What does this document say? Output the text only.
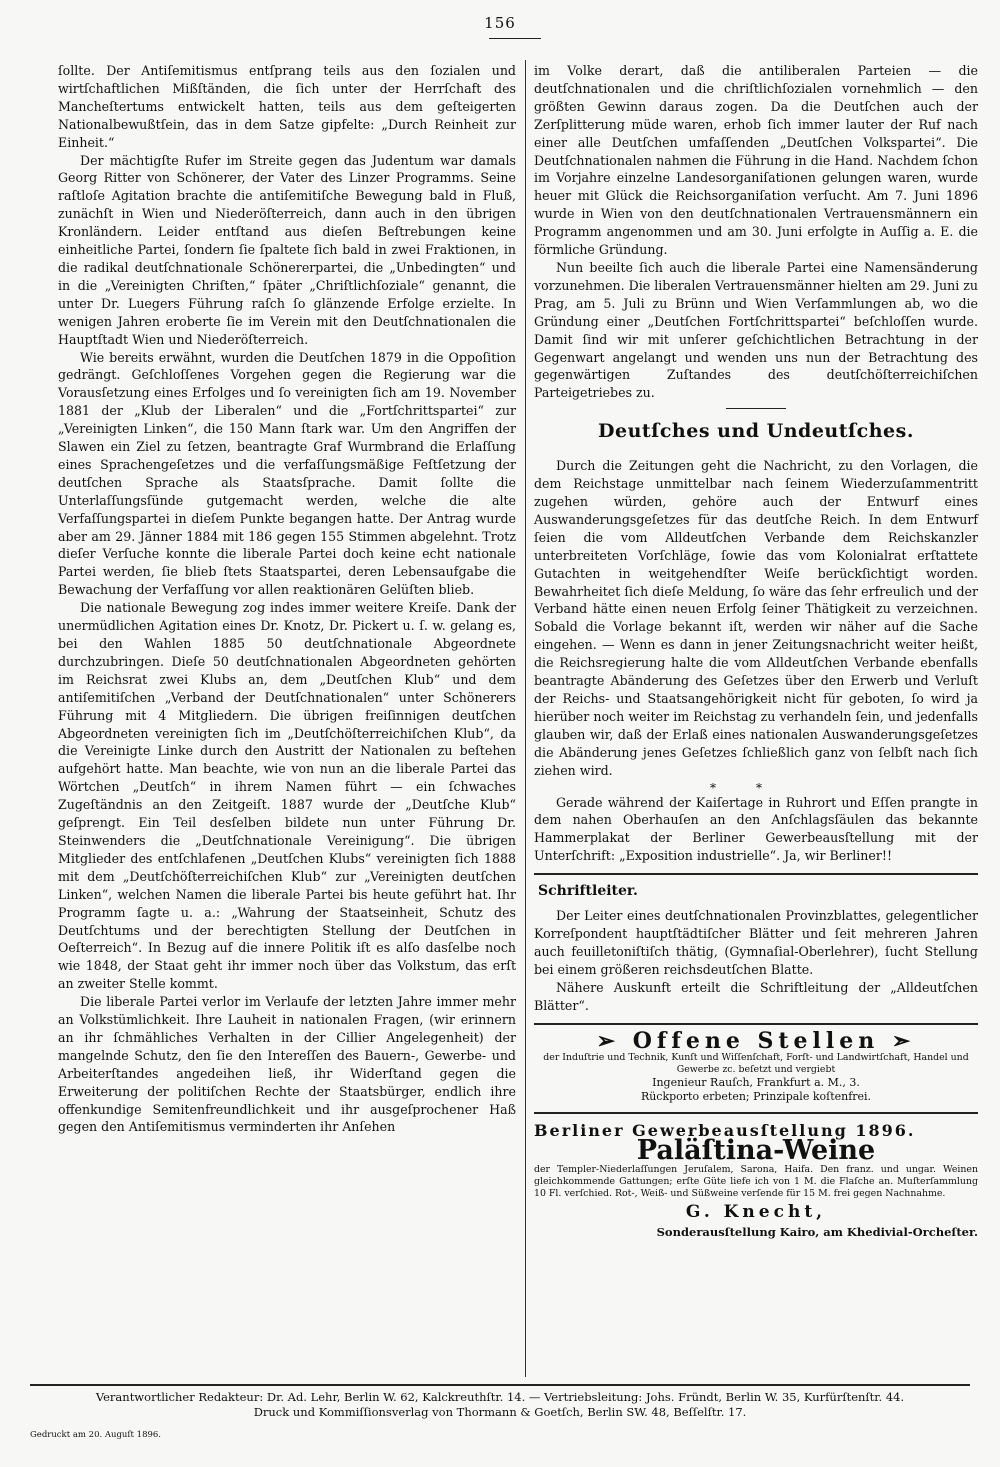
156

ſollte. Der Antiſemitismus entſprang teils aus den ſozialen und wirtſchaftlichen Mißſtänden, die ſich unter der Herrſchaft des Mancheſtertums entwickelt hatten, teils aus dem geſteigerten Nationalbewußtſein, das in dem Satze gipfelte: „Durch Reinheit zur Einheit.“

Der mächtigſte Rufer im Streite gegen das Judentum war damals Georg Ritter von Schönerer, der Vater des Linzer Programms. Seine raſtloſe Agitation brachte die antiſemitiſche Bewegung bald in Fluß, zunächſt in Wien und Niederöſterreich, dann auch in den übrigen Kronländern. Leider entſtand aus dieſen Beſtrebungen keine einheitliche Partei, ſondern ſie ſpaltete ſich bald in zwei Fraktionen, in die radikal deutſchnationale Schönererpartei, die „Unbedingten“ und in die „Vereinigten Chriſten,“ ſpäter „Chriſtlichſoziale“ genannt, die unter Dr. Luegers Führung raſch ſo glänzende Erfolge erzielte. In wenigen Jahren eroberte ſie im Verein mit den Deutſchnationalen die Hauptſtadt Wien und Niederöſterreich.

Wie bereits erwähnt, wurden die Deutſchen 1879 in die Oppoſition gedrängt. Geſchloſſenes Vorgehen gegen die Regierung war die Vorausſetzung eines Erfolges und ſo vereinigten ſich am 19. November 1881 der „Klub der Liberalen“ und die „Fortſchrittspartei“ zur „Vereinigten Linken“, die 150 Mann ſtark war. Um den Angriffen der Slawen ein Ziel zu ſetzen, beantragte Graf Wurmbrand die Erlaſſung eines Sprachengeſetzes und die verfaſſungsmäßige Feſtſetzung der deutſchen Sprache als Staatsſprache. Damit ſollte die Unterlaſſungsſünde gutgemacht werden, welche die alte Verfaſſungspartei in dieſem Punkte begangen hatte. Der Antrag wurde aber am 29. Jänner 1884 mit 186 gegen 155 Stimmen abgelehnt. Trotz dieſer Verſuche konnte die liberale Partei doch keine echt nationale Partei werden, ſie blieb ſtets Staatspartei, deren Lebensaufgabe die Bewachung der Verfaſſung vor allen reaktionären Gelüſten blieb.

Die nationale Bewegung zog indes immer weitere Kreiſe. Dank der unermüdlichen Agitation eines Dr. Knotz, Dr. Pickert u. ſ. w. gelang es, bei den Wahlen 1885 50 deutſchnationale Abgeordnete durchzubringen. Dieſe 50 deutſchnationalen Abgeordneten gehörten im Reichsrat zwei Klubs an, dem „Deutſchen Klub“ und dem antiſemitiſchen „Verband der Deutſchnationalen“ unter Schönerers Führung mit 4 Mitgliedern. Die übrigen freiſinnigen deutſchen Abgeordneten vereinigten ſich im „Deutſchöſterreichiſchen Klub“, da die Vereinigte Linke durch den Austritt der Nationalen zu beſtehen aufgehört hatte. Man beachte, wie von nun an die liberale Partei das Wörtchen „Deutſch“ in ihrem Namen führt — ein ſchwaches Zugeſtändnis an den Zeitgeiſt. 1887 wurde der „Deutſche Klub“ geſprengt. Ein Teil desſelben bildete nun unter Führung Dr. Steinwenders die „Deutſchnationale Vereinigung“. Die übrigen Mitglieder des entſchlafenen „Deutſchen Klubs“ vereinigten ſich 1888 mit dem „Deutſchöſterreichiſchen Klub“ zur „Vereinigten deutſchen Linken“, welchen Namen die liberale Partei bis heute geführt hat. Ihr Programm ſagte u. a.: „Wahrung der Staatseinheit, Schutz des Deutſchtums und der berechtigten Stellung der Deutſchen in Oeſterreich“. In Bezug auf die innere Politik iſt es alſo dasſelbe noch wie 1848, der Staat geht ihr immer noch über das Volkstum, das erſt an zweiter Stelle kommt.

Die liberale Partei verlor im Verlaufe der letzten Jahre immer mehr an Volkstümlichkeit. Ihre Lauheit in nationalen Fragen, (wir erinnern an ihr ſchmähliches Verhalten in der Cillier Angelegenheit) der mangelnde Schutz, den ſie den Intereſſen des Bauern-, Gewerbe- und Arbeiterſtandes angedeihen ließ, ihr Widerſtand gegen die Erweiterung der politiſchen Rechte der Staatsbürger, endlich ihre offenkundige Semitenfreundlichkeit und ihr ausgeſprochener Haß gegen den Antiſemitismus verminderten ihr Anſehen

im Volke derart, daß die antiliberalen Parteien — die deutſchnationalen und die chriſtlichſozialen vornehmlich — den größten Gewinn daraus zogen. Da die Deutſchen auch der Zerſplitterung müde waren, erhob ſich immer lauter der Ruf nach einer alle Deutſchen umfaſſenden „Deutſchen Volkspartei“. Die Deutſchnationalen nahmen die Führung in die Hand. Nachdem ſchon im Vorjahre einzelne Landesorganiſationen gelungen waren, wurde heuer mit Glück die Reichsorganiſation verſucht. Am 7. Juni 1896 wurde in Wien von den deutſchnationalen Vertrauensmännern ein Programm angenommen und am 30. Juni erfolgte in Auſſig a. E. die förmliche Gründung.

Nun beeilte ſich auch die liberale Partei eine Namensänderung vorzunehmen. Die liberalen Vertrauensmänner hielten am 29. Juni zu Prag, am 5. Juli zu Brünn und Wien Verſammlungen ab, wo die Gründung einer „Deutſchen Fortſchrittspartei“ beſchloſſen wurde. Damit ſind wir mit unſerer geſchichtlichen Betrachtung in der Gegenwart angelangt und wenden uns nun der Betrachtung des gegenwärtigen Zuſtandes des deutſchöſterreichiſchen Parteigetriebes zu.

Deutſches und Undeutſches.

Durch die Zeitungen geht die Nachricht, zu den Vorlagen, die dem Reichstage unmittelbar nach ſeinem Wiederzuſammentritt zugehen würden, gehöre auch der Entwurf eines Auswanderungsgeſetzes für das deutſche Reich. In dem Entwurf ſeien die vom Alldeutſchen Verbande dem Reichskanzler unterbreiteten Vorſchläge, ſowie das vom Kolonialrat erſtattete Gutachten in weitgehendſter Weiſe berückſichtigt worden. Bewahrheitet ſich dieſe Meldung, ſo wäre das ſehr erfreulich und der Verband hätte einen neuen Erfolg ſeiner Thätigkeit zu verzeichnen. Sobald die Vorlage bekannt iſt, werden wir näher auf die Sache eingehen. — Wenn es dann in jener Zeitungsnachricht weiter heißt, die Reichsregierung halte die vom Alldeutſchen Verbande ebenfalls beantragte Abänderung des Geſetzes über den Erwerb und Verluſt der Reichs- und Staatsangehörigkeit nicht für geboten, ſo wird ja hierüber noch weiter im Reichstag zu verhandeln ſein, und jedenfalls glauben wir, daß der Erlaß eines nationalen Auswanderungsgeſetzes die Abänderung jenes Geſetzes ſchließlich ganz von ſelbſt nach ſich ziehen wird.

**

Gerade während der Kaiſertage in Ruhrort und Eſſen prangte in dem nahen Oberhauſen an den Anſchlagsſäulen das bekannte Hammerplakat der Berliner Gewerbeausſtellung mit der Unterſchrift: „Exposition industrielle“. Ja, wir Berliner!!

Schriftleiter.

Der Leiter eines deutſchnationalen Provinzblattes, gelegentlicher Korreſpondent hauptſtädtiſcher Blätter und ſeit mehreren Jahren auch feuilletoniſtiſch thätig, (Gymnaſial-Oberlehrer), ſucht Stellung bei einem größeren reichsdeutſchen Blatte.

Nähere Auskunft erteilt die Schriftleitung der „Alldeutſchen Blätter“.

➢ Offene Stellen ➣
der Induſtrie und Technik, Kunſt und Wiſſenſchaft, Forſt- und Landwirtſchaft, Handel und Gewerbe zc. beſetzt und vergiebt
Ingenieur Rauſch, Frankfurt a. M., 3.
Rückporto erbeten; Prinzipale koſtenfrei.
Berliner Gewerbeausſtellung 1896.
Paläſtina-Weine
der Templer-Niederlaſſungen Jeruſalem, Sarona, Haifa. Den franz. und ungar. Weinen gleichkommende Gattungen; erſte Güte liefe ich von 1 M. die Flaſche an. Muſterſammlung 10 Fl. verſchied. Rot-, Weiß- und Süßweine verſende für 15 M. frei gegen Nachnahme.
G. Knecht,
Sonderausſtellung Kairo, am Khedivial-Orcheſter.
Verantwortlicher Redakteur: Dr. Ad. Lehr, Berlin W. 62, Kalckreuthſtr. 14. — Vertriebsleitung: Johs. Fründt, Berlin W. 35, Kurfürſtenſtr. 44.
Druck und Kommiſſionsverlag von Thormann & Goetſch, Berlin SW. 48, Beſſelſtr. 17.
Gedruckt am 20. Auguſt 1896.
